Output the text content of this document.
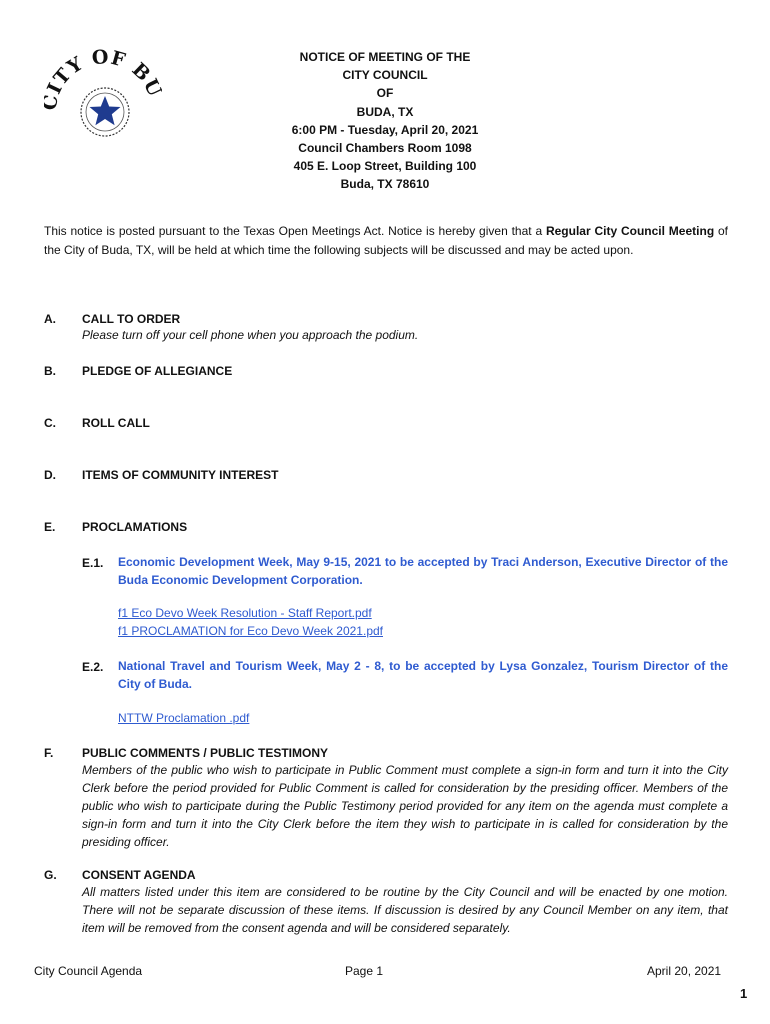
ITY OF B
NOTICE OF MEETING OF THE
CITY COUNCIL
OF
BUDA, TX
6:00 PM - Tuesday, April 20, 2021
Council Chambers Room 1098
405 E. Loop Street, Building 100
Buda, TX 78610
This notice is posted pursuant to the Texas Open Meetings Act. Notice is hereby given that a Regular City Council Meeting of the City of Buda, TX, will be held at which time the following subjects will be discussed and may be acted upon.
A. CALL TO ORDER
Please turn off your cell phone when you approach the podium.
B. PLEDGE OF ALLEGIANCE
C. ROLL CALL
D. ITEMS OF COMMUNITY INTEREST
E. PROCLAMATIONS
E.1. Economic Development Week, May 9-15, 2021 to be accepted by Traci Anderson, Executive Director of the Buda Economic Development Corporation.
f1 Eco Devo Week Resolution - Staff Report.pdf
f1 PROCLAMATION for Eco Devo Week 2021.pdf
E.2. National Travel and Tourism Week, May 2 - 8, to be accepted by Lysa Gonzalez, Tourism Director of the City of Buda.
NTTW Proclamation .pdf
F. PUBLIC COMMENTS / PUBLIC TESTIMONY
Members of the public who wish to participate in Public Comment must complete a sign-in form and turn it into the City Clerk before the period provided for Public Comment is called for consideration by the presiding officer. Members of the public who wish to participate during the Public Testimony period provided for any item on the agenda must complete a sign-in form and turn it into the City Clerk before the item they wish to participate in is called for consideration by the presiding officer.
G. CONSENT AGENDA
All matters listed under this item are considered to be routine by the City Council and will be enacted by one motion. There will not be separate discussion of these items. If discussion is desired by any Council Member on any item, that item will be removed from the consent agenda and will be considered separately.
City Council Agenda	Page 1	April 20, 2021
1
